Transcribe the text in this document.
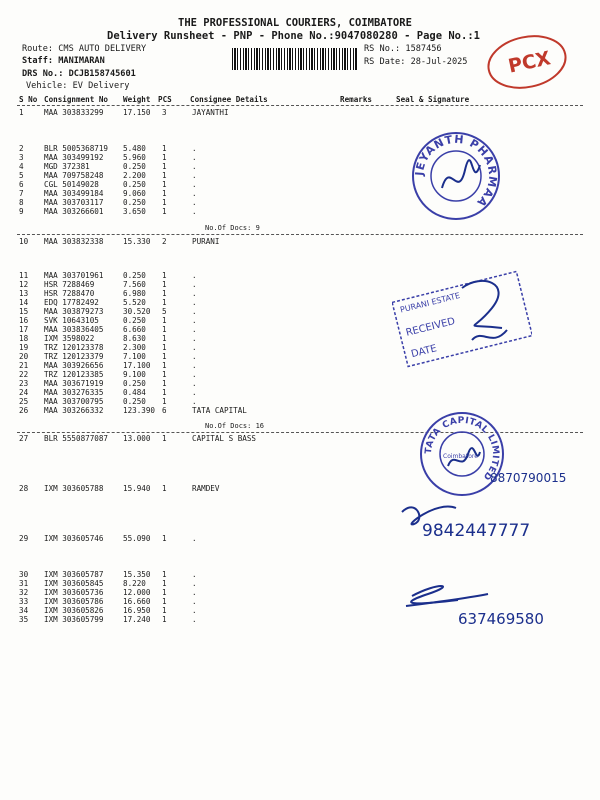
THE PROFESSIONAL COURIERS, COIMBATORE
Delivery Runsheet - PNP - Phone No.:9047080280 - Page No.:1
Route: CMS AUTO DELIVERY
Staff: MANIMARAN
DRS No.: DCJB158745601
Vehicle: EV Delivery
RS No.: 1587456
RS Date: 28-Jul-2025 PCX
S No Consignment No Weight PCS Consignee Details	Remarks	Seal & Signature
1	MAA 303833299	17.150 3	JAYANTHI
2	BLR 5005368719 5.480 1	.
3	MAA 303499192	5.960 1	.
4	MGD 372381	0.250 1	.
5	MAA 709758248	2.200 1	.
6	CGL 50149028	0.250 1	.
7	MAA 303499184	9.060 1	.
8	MAA 303703117	0.250 1	.
9	MAA 303266601	3.650 1	.
10 MAA 303832338	15.330 2	PURANI
11 MAA 303701961	0.250 1	.
12 HSR 7288469	7.560 1	.
13 HSR 7288470	6.980 1	.
14 EDQ 17782492	5.520 1	.
15 MAA 303879273	30.520 5	.
16 SVK 10643105	0.250 1	.
17 MAA 303836405	6.660 1	.
18 IXM 3598022	8.630 1	.
19 TRZ 120123378	2.300 1	.
20 TRZ 120123379	7.100 1	.
21 MAA 303926656	17.100 1	.
22 TRZ 120123385	9.100 1	.
23 MAA 303671919	0.250 1	.
24 MAA 303276335	0.484 1	.
25 MAA 303700795	0.250 1	.
26 MAA 303266332	123.390 6	TATA CAPITAL
27 BLR 5550877087 13.000 1	CAPITAL S BASS
28 IXM 303605788	15.940 1	RAMDEV
29 IXM 303605746	55.090 1	.
30 IXM 303605787	15.350 1	.
31 IXM 303605845	8.220 1	.
32 IXM 303605736	12.000 1	.
33 IXM 303605786	16.660 1	.
34 IXM 303605826	16.950 1	.
35 IXM 303605799	17.240 1	.
No.Of Docs: 9
No.Of Docs: 16
JEYANTH PHARMAA
PURANI ESTATE
RECEIVED
DATE
TATA CAPITAL LIMITED
Coimbatore
8870790015
9842447777
637469580
